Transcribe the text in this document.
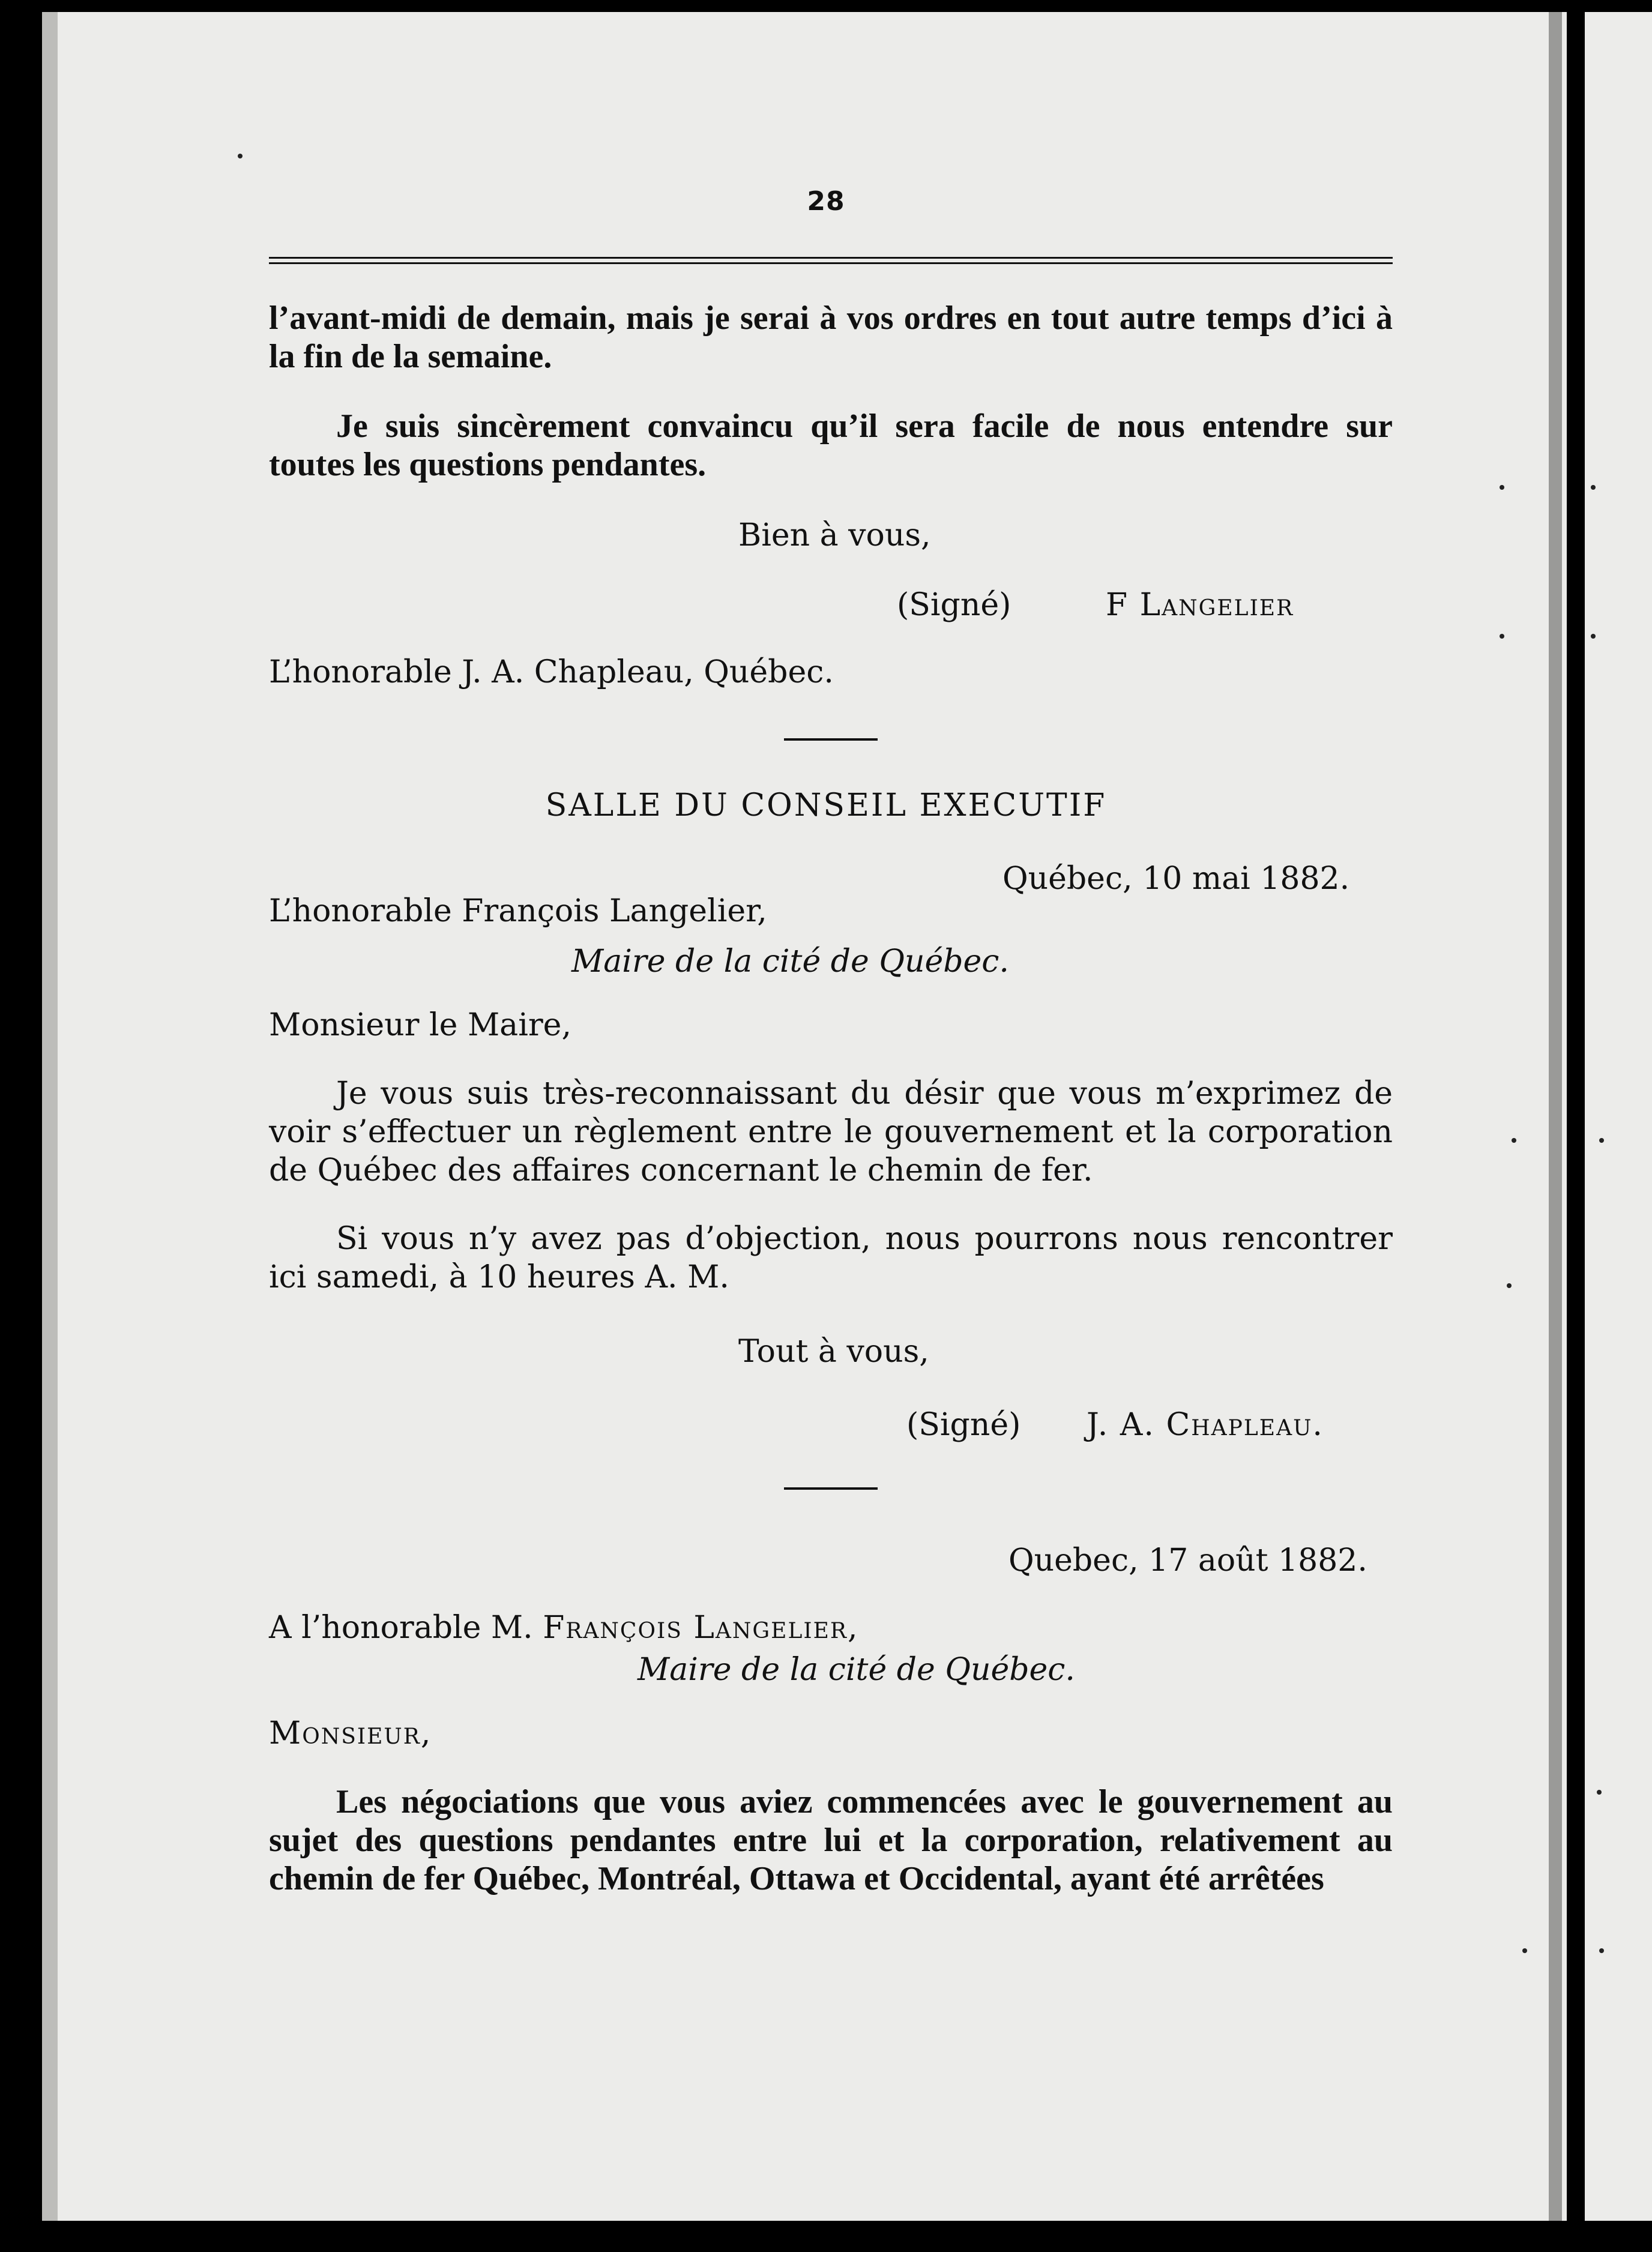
28
l’avant-midi de demain, mais je serai à vos ordres en tout autre temps d’ici à la fin de la semaine.
Je suis sincèrement convaincu qu’il sera facile de nous entendre sur toutes les questions pendantes.
Bien à vous,
(Signé)	F Langelier
L’honorable J. A. Chapleau, Québec.
SALLE DU CONSEIL EXECUTIF
Québec, 10 mai 1882.
L’honorable François Langelier,
Maire de la cité de Québec.
Monsieur le Maire,
Je vous suis très-reconnaissant du désir que vous m’exprimez de voir s’effectuer un règlement entre le gouvernement et la corporation de Québec des affaires concernant le chemin de fer.
Si vous n’y avez pas d’objection, nous pourrons nous rencontrer ici samedi, à 10 heures A. M.
Tout à vous,
(Signé) J. A. Chapleau.
Quebec, 17 août 1882.
A l’honorable M. François Langelier,
Maire de la cité de Québec.
Monsieur,
Les négociations que vous aviez commencées avec le gouvernement au sujet des questions pendantes entre lui et la corporation, relativement au chemin de fer Québec, Montréal, Ottawa et Occidental, ayant été arrêtées
